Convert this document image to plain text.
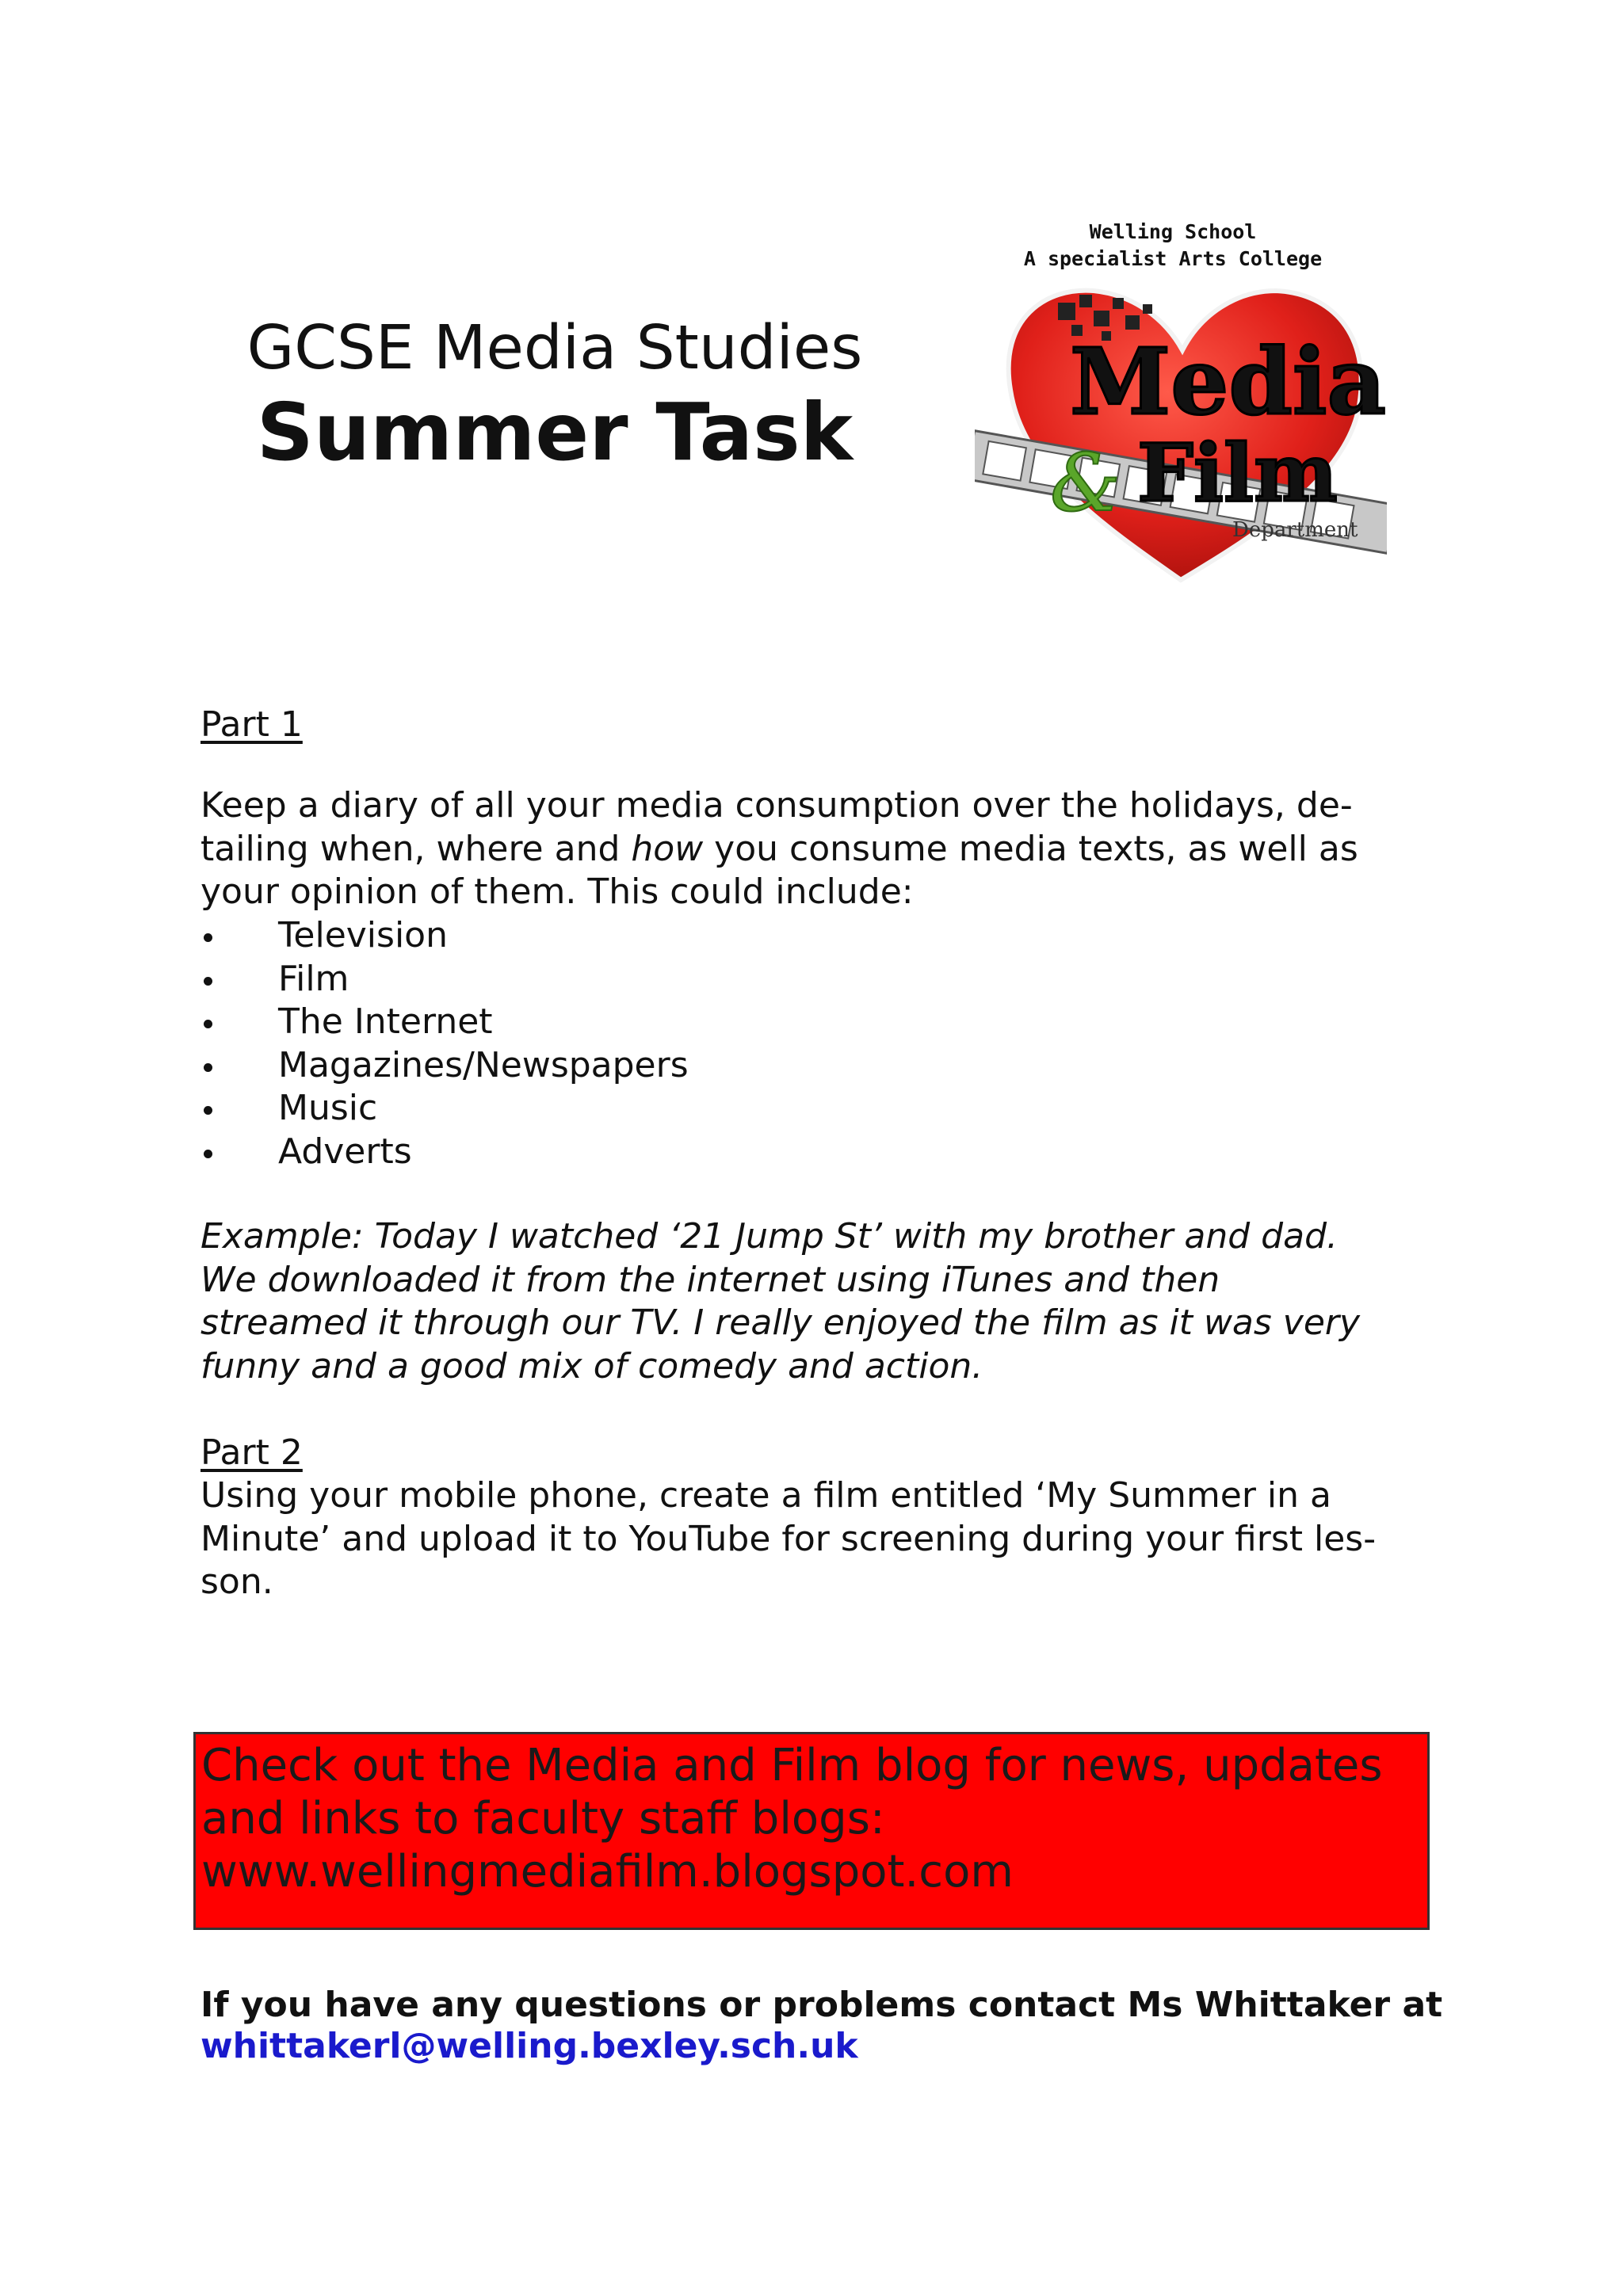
GCSE Media Studies
Summer Task
Welling School
A specialist Arts College
Media
& Film
Department
Part 1
Keep a diary of all your media consumption over the holidays, de-
tailing when, where and how you consume media texts, as well as
your opinion of them. This could include:
Television
Film
The Internet
Magazines/Newspapers
Music
Adverts
Example: Today I watched ‘21 Jump St’ with my brother and dad.
We downloaded it from the internet using iTunes and then
streamed it through our TV. I really enjoyed the film as it was very
funny and a good mix of comedy and action.
Part 2
Using your mobile phone, create a film entitled ‘My Summer in a
Minute’ and upload it to YouTube for screening during your first les-
son.
Check out the Media and Film blog for news, updates
and links to faculty staff blogs:
www.wellingmediafilm.blogspot.com
If you have any questions or problems contact Ms Whittaker at
whittakerl@welling.bexley.sch.uk
